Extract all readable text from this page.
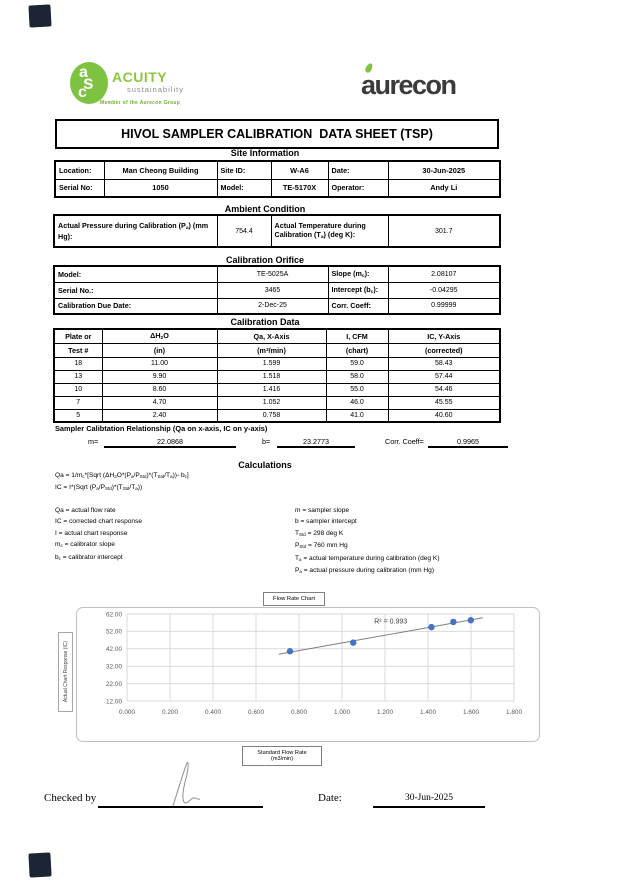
a
s
c
ACUITY
sustainability
Member of the Aurecon Group
aurecon
HIVOL SAMPLER CALIBRATION  DATA SHEET (TSP)
Site Information
Location:	Man Cheong Building	Site ID:	W-A6	Date:	30-Jun-2025
Serial No:	1050	Model:	TE-5170X	Operator:	Andy Li
Ambient Condition
Actual Pressure during Calibration $(P_a)$ (mm Hg):	754.4	Actual Temperature during Calibration $(T_a)$ (deg K):	301.7
Calibration Orifice
Model:	TE-5025A	Slope $(m_c)$:	2.08107
Serial No.:	3465	Intercept $(b_c)$:	-0.04295
Calibration Due Date:	2-Dec-25	Corr. Coeff:	0.99999
Calibration Data
Plate or	$\Delta H_2O$	Qa, X-Axis	I, CFM	IC, Y-Axis
Test #	(in)	$(m^3/\min)$	(chart)	(corrected)
18	11.00	1.599	59.0	58.43
13	9.90	1.518	58.0	57.44
10	8.60	1.416	55.0	54.46
7	4.70	1.052	46.0	45.55
5	2.40	0.758	41.0	40.60
Sampler Calibtation Relationship (Qa on x-axis, IC on y-axis)
m=	22.0868	b=	23.2773	Corr. Coeff=	0.9965
Calculations
$Qa = 1/m_c*[Sqrt$ $(\Delta H_2O*(P_a/P_{Std})*(T_{Std}/T_a))-$ $b_c$]
IC = I*(Sqrt $(P_a/P_{Std})*(T_{Std}/T_a)$)
Qa = actual flow rate
IC = corrected chart response
I = actual chart response
$m_c$ = calibrator slope
$b_c$ = calibrator intercept
m = sampler slope
b = sampler intercept
$T_{Std} = 298$ deg K
$P_{Std} = 760$ mm Hg
$T_a$ = actual temperature during calibration (deg K)
$P_a$ = actual pressure during calibration (mm Hg)
Flow Rate Chart
0.000	0.200	0.400	0.600	0.800	1.000	1.200	1.400	1.600	1.800
12.00
22.00
32.00
42.00
52.00
62.00
R² = 0.993
Actual Chart Response (IC)
Standard Flow Rate
(m3/min)
Checked by	Date:	30-Jun-2025
